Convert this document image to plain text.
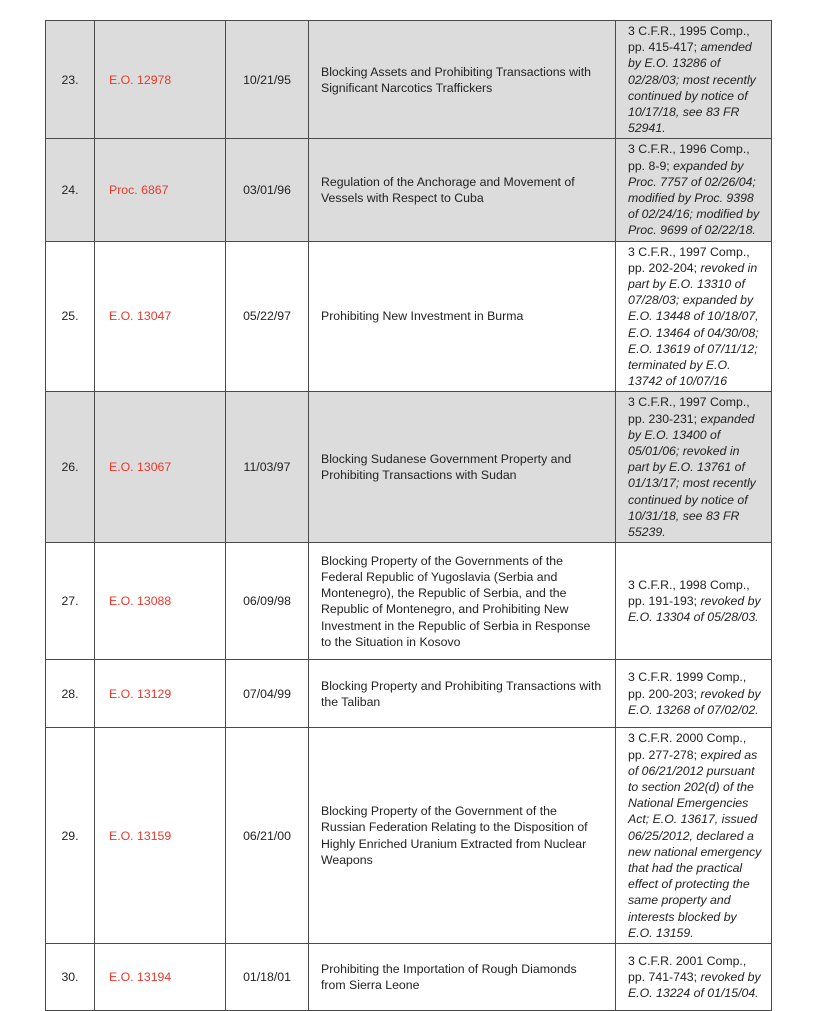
23.	E.O. 12978	10/21/95	Blocking Assets and Prohibiting Transactions with Significant Narcotics Traffickers	3 C.F.R., 1995 Comp., pp. 415-417; amended by E.O. 13286 of 02/28/03; most recently continued by notice of 10/17/18, see 83 FR 52941.
24.	Proc. 6867	03/01/96	Regulation of the Anchorage and Movement of Vessels with Respect to Cuba	3 C.F.R., 1996 Comp., pp. 8-9; expanded by Proc. 7757 of 02/26/04; modified by Proc. 9398 of 02/24/16; modified by Proc. 9699 of 02/22/18.
25.	E.O. 13047	05/22/97	Prohibiting New Investment in Burma	3 C.F.R., 1997 Comp., pp. 202-204; revoked in part by E.O. 13310 of 07/28/03; expanded by E.O. 13448 of 10/18/07, E.O. 13464 of 04/30/08; E.O. 13619 of 07/11/12; terminated by E.O. 13742 of 10/07/16
26.	E.O. 13067	11/03/97	Blocking Sudanese Government Property and Prohibiting Transactions with Sudan	3 C.F.R., 1997 Comp., pp. 230-231; expanded by E.O. 13400 of 05/01/06; revoked in part by E.O. 13761 of 01/13/17; most recently continued by notice of 10/31/18, see 83 FR 55239.
27.	E.O. 13088	06/09/98	Blocking Property of the Governments of the Federal Republic of Yugoslavia (Serbia and Montenegro), the Republic of Serbia, and the Republic of Montenegro, and Prohibiting New Investment in the Republic of Serbia in Response to the Situation in Kosovo	3 C.F.R., 1998 Comp., pp. 191-193; revoked by E.O. 13304 of 05/28/03.
28.	E.O. 13129	07/04/99	Blocking Property and Prohibiting Transactions with the Taliban	3 C.F.R. 1999 Comp., pp. 200-203; revoked by E.O. 13268 of 07/02/02.
29.	E.O. 13159	06/21/00	Blocking Property of the Government of the Russian Federation Relating to the Disposition of Highly Enriched Uranium Extracted from Nuclear Weapons	3 C.F.R. 2000 Comp., pp. 277-278; expired as of 06/21/2012 pursuant to section 202(d) of the National Emergencies Act; E.O. 13617, issued 06/25/2012, declared a new national emergency that had the practical effect of protecting the same property and interests blocked by E.O. 13159.
30.	E.O. 13194	01/18/01	Prohibiting the Importation of Rough Diamonds from Sierra Leone	3 C.F.R. 2001 Comp., pp. 741-743; revoked by E.O. 13224 of 01/15/04.
